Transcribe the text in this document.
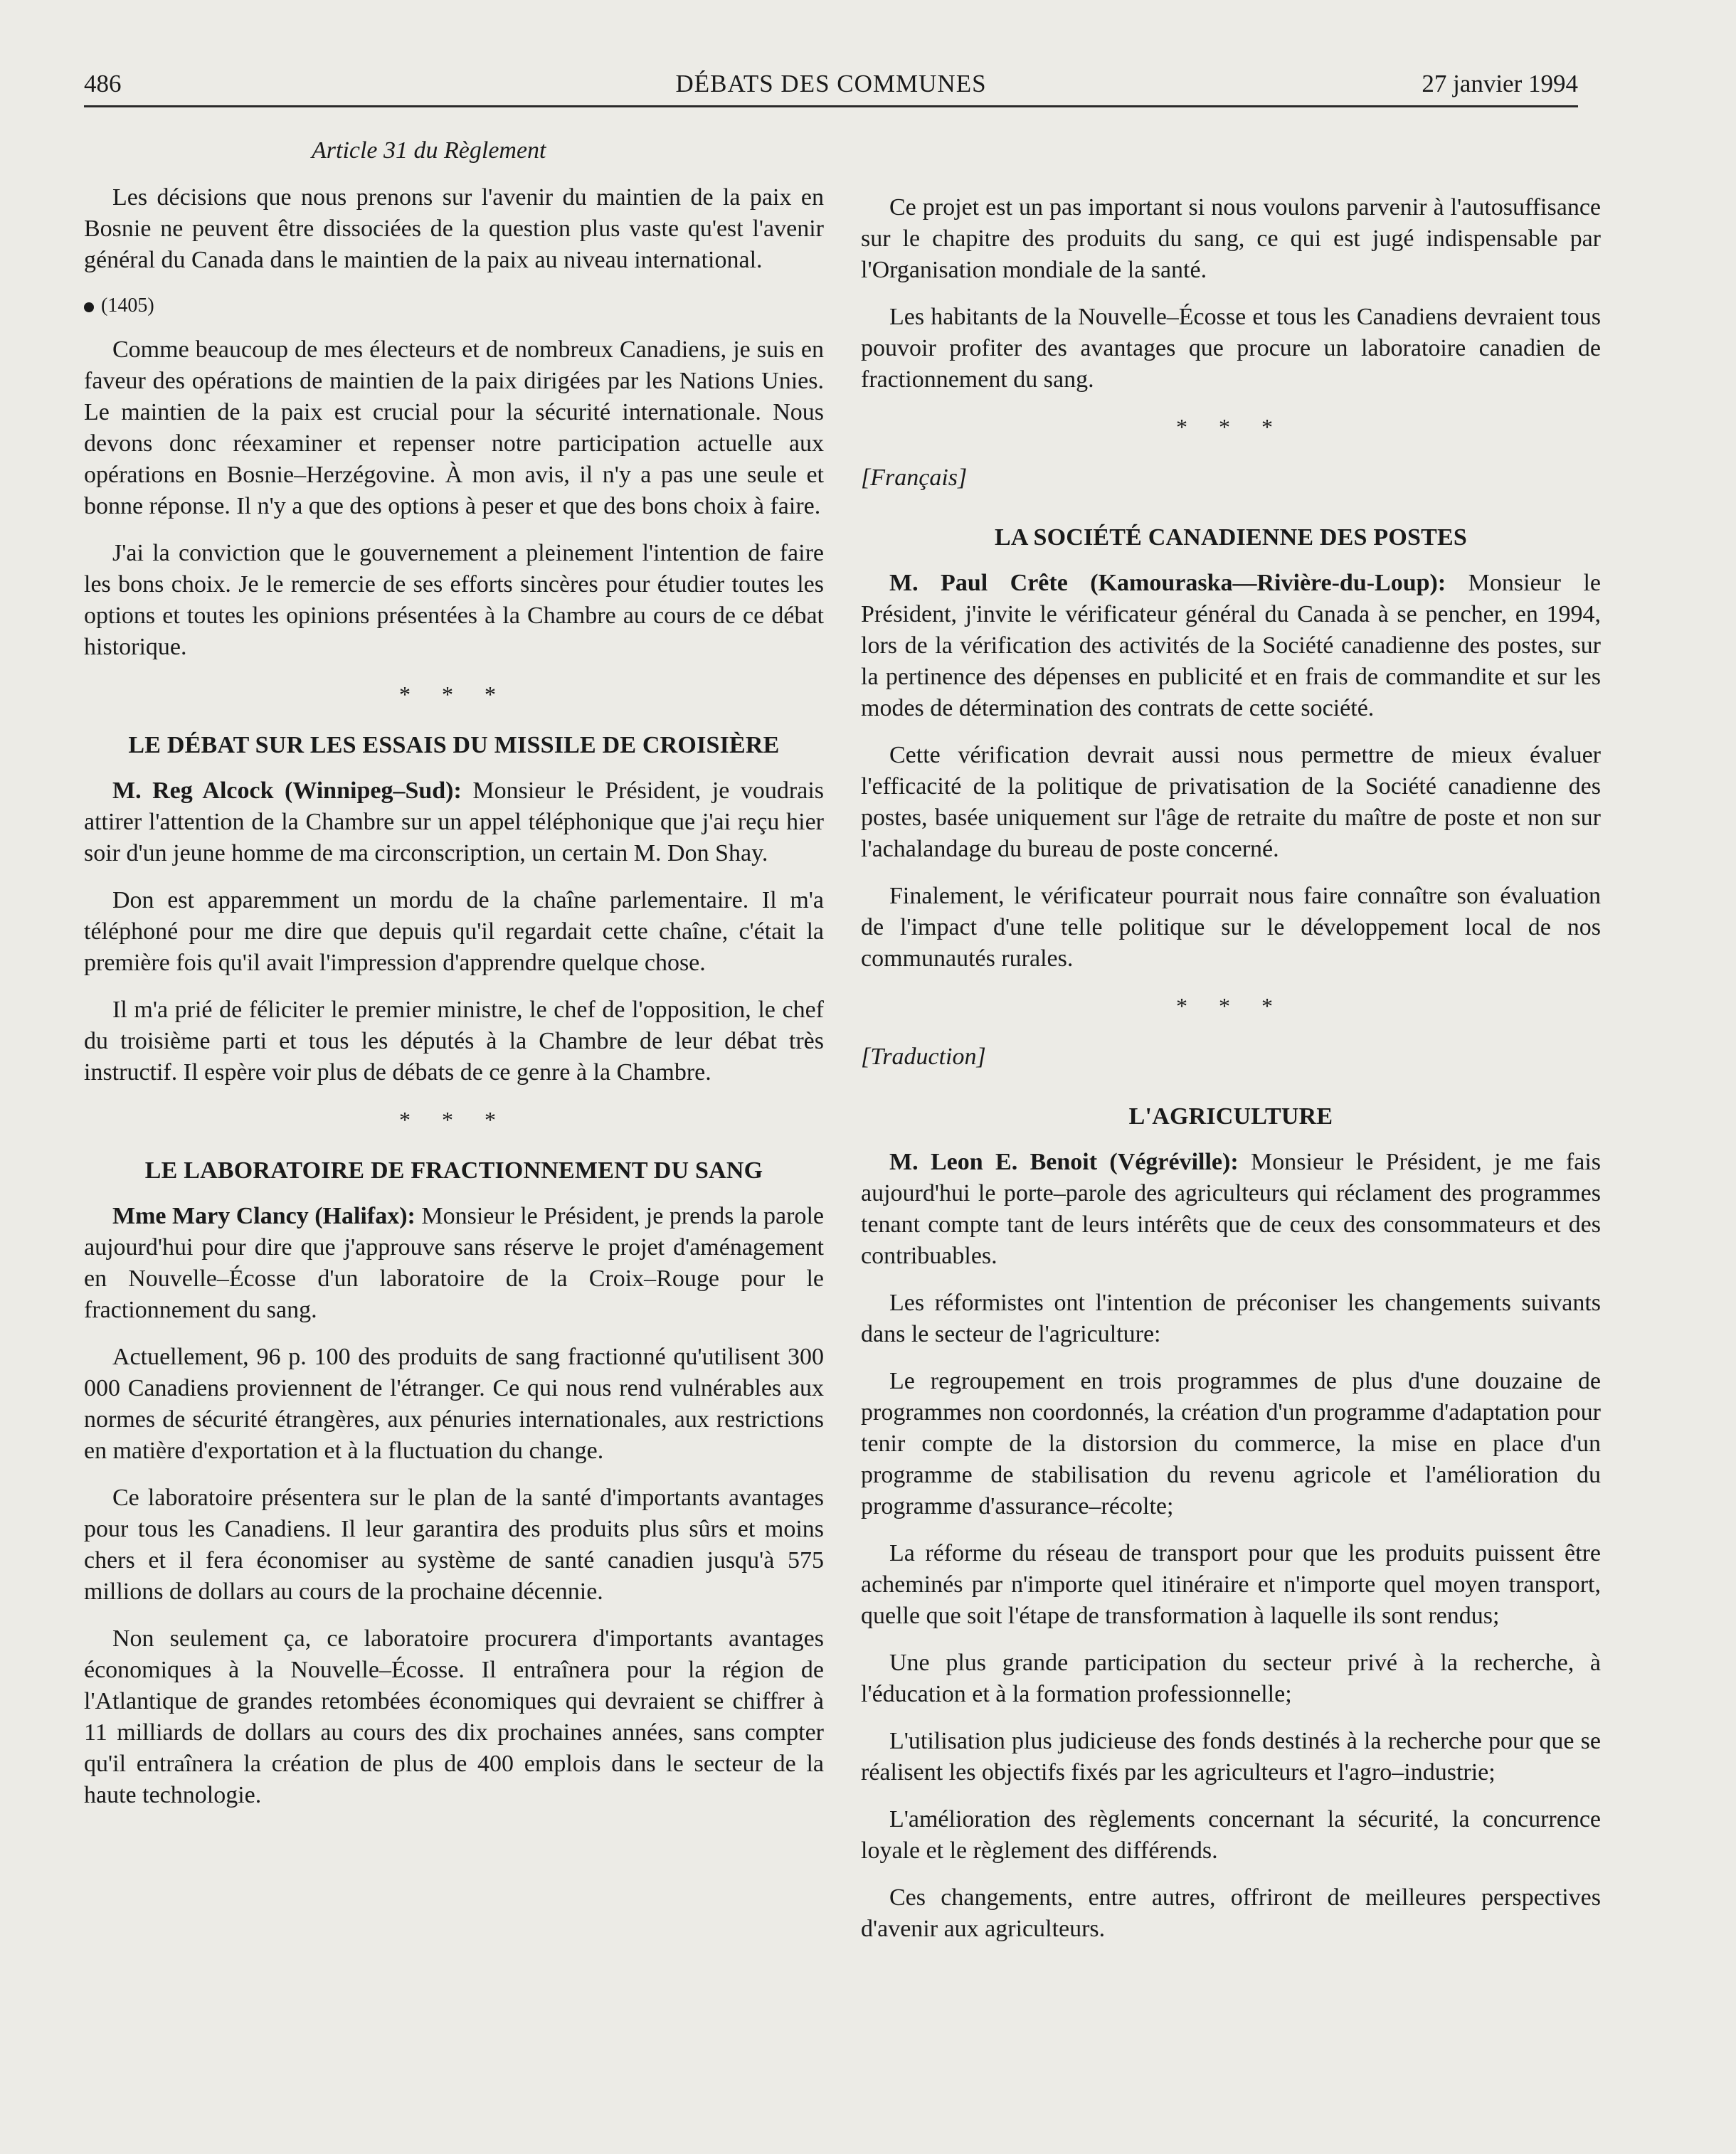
486	DÉBATS DES COMMUNES	27 janvier 1994
Article 31 du Règlement

Les décisions que nous prenons sur l'avenir du maintien de la paix en Bosnie ne peuvent être dissociées de la question plus vaste qu'est l'avenir général du Canada dans le maintien de la paix au niveau international.

(1405)

Comme beaucoup de mes électeurs et de nombreux Canadiens, je suis en faveur des opérations de maintien de la paix dirigées par les Nations Unies. Le maintien de la paix est crucial pour la sécurité internationale. Nous devons donc réexaminer et repenser notre participation actuelle aux opérations en Bosnie–Herzégovine. À mon avis, il n'y a pas une seule et bonne réponse. Il n'y a que des options à peser et que des bons choix à faire.

J'ai la conviction que le gouvernement a pleinement l'intention de faire les bons choix. Je le remercie de ses efforts sincères pour étudier toutes les options et toutes les opinions présentées à la Chambre au cours de ce débat historique.

* * *
LE DÉBAT SUR LES ESSAIS DU MISSILE DE CROISIÈRE

M. Reg Alcock (Winnipeg–Sud): Monsieur le Président, je voudrais attirer l'attention de la Chambre sur un appel téléphonique que j'ai reçu hier soir d'un jeune homme de ma circonscription, un certain M. Don Shay.

Don est apparemment un mordu de la chaîne parlementaire. Il m'a téléphoné pour me dire que depuis qu'il regardait cette chaîne, c'était la première fois qu'il avait l'impression d'apprendre quelque chose.

Il m'a prié de féliciter le premier ministre, le chef de l'opposition, le chef du troisième parti et tous les députés à la Chambre de leur débat très instructif. Il espère voir plus de débats de ce genre à la Chambre.

* * *
LE LABORATOIRE DE FRACTIONNEMENT DU SANG

Mme Mary Clancy (Halifax): Monsieur le Président, je prends la parole aujourd'hui pour dire que j'approuve sans réserve le projet d'aménagement en Nouvelle–Écosse d'un laboratoire de la Croix–Rouge pour le fractionnement du sang.

Actuellement, 96 p. 100 des produits de sang fractionné qu'utilisent 300 000 Canadiens proviennent de l'étranger. Ce qui nous rend vulnérables aux normes de sécurité étrangères, aux pénuries internationales, aux restrictions en matière d'exportation et à la fluctuation du change.

Ce laboratoire présentera sur le plan de la santé d'importants avantages pour tous les Canadiens. Il leur garantira des produits plus sûrs et moins chers et il fera économiser au système de santé canadien jusqu'à 575 millions de dollars au cours de la prochaine décennie.

Non seulement ça, ce laboratoire procurera d'importants avantages économiques à la Nouvelle–Écosse. Il entraînera pour la région de l'Atlantique de grandes retombées économiques qui devraient se chiffrer à 11 milliards de dollars au cours des dix prochaines années, sans compter qu'il entraînera la création de plus de 400 emplois dans le secteur de la haute technologie.

Ce projet est un pas important si nous voulons parvenir à l'autosuffisance sur le chapitre des produits du sang, ce qui est jugé indispensable par l'Organisation mondiale de la santé.

Les habitants de la Nouvelle–Écosse et tous les Canadiens devraient tous pouvoir profiter des avantages que procure un laboratoire canadien de fractionnement du sang.

* * *
[Français]
LA SOCIÉTÉ CANADIENNE DES POSTES

M. Paul Crête (Kamouraska—Rivière-du-Loup): Monsieur le Président, j'invite le vérificateur général du Canada à se pencher, en 1994, lors de la vérification des activités de la Société canadienne des postes, sur la pertinence des dépenses en publicité et en frais de commandite et sur les modes de détermination des contrats de cette société.

Cette vérification devrait aussi nous permettre de mieux évaluer l'efficacité de la politique de privatisation de la Société canadienne des postes, basée uniquement sur l'âge de retraite du maître de poste et non sur l'achalandage du bureau de poste concerné.

Finalement, le vérificateur pourrait nous faire connaître son évaluation de l'impact d'une telle politique sur le développement local de nos communautés rurales.

* * *
[Traduction]
L'AGRICULTURE

M. Leon E. Benoit (Végréville): Monsieur le Président, je me fais aujourd'hui le porte–parole des agriculteurs qui réclament des programmes tenant compte tant de leurs intérêts que de ceux des consommateurs et des contribuables.

Les réformistes ont l'intention de préconiser les changements suivants dans le secteur de l'agriculture:

Le regroupement en trois programmes de plus d'une douzaine de programmes non coordonnés, la création d'un programme d'adaptation pour tenir compte de la distorsion du commerce, la mise en place d'un programme de stabilisation du revenu agricole et l'amélioration du programme d'assurance–récolte;

La réforme du réseau de transport pour que les produits puissent être acheminés par n'importe quel itinéraire et n'importe quel moyen transport, quelle que soit l'étape de transformation à laquelle ils sont rendus;

Une plus grande participation du secteur privé à la recherche, à l'éducation et à la formation professionnelle;

L'utilisation plus judicieuse des fonds destinés à la recherche pour que se réalisent les objectifs fixés par les agriculteurs et l'agro–industrie;

L'amélioration des règlements concernant la sécurité, la concurrence loyale et le règlement des différends.

Ces changements, entre autres, offriront de meilleures perspectives d'avenir aux agriculteurs.
